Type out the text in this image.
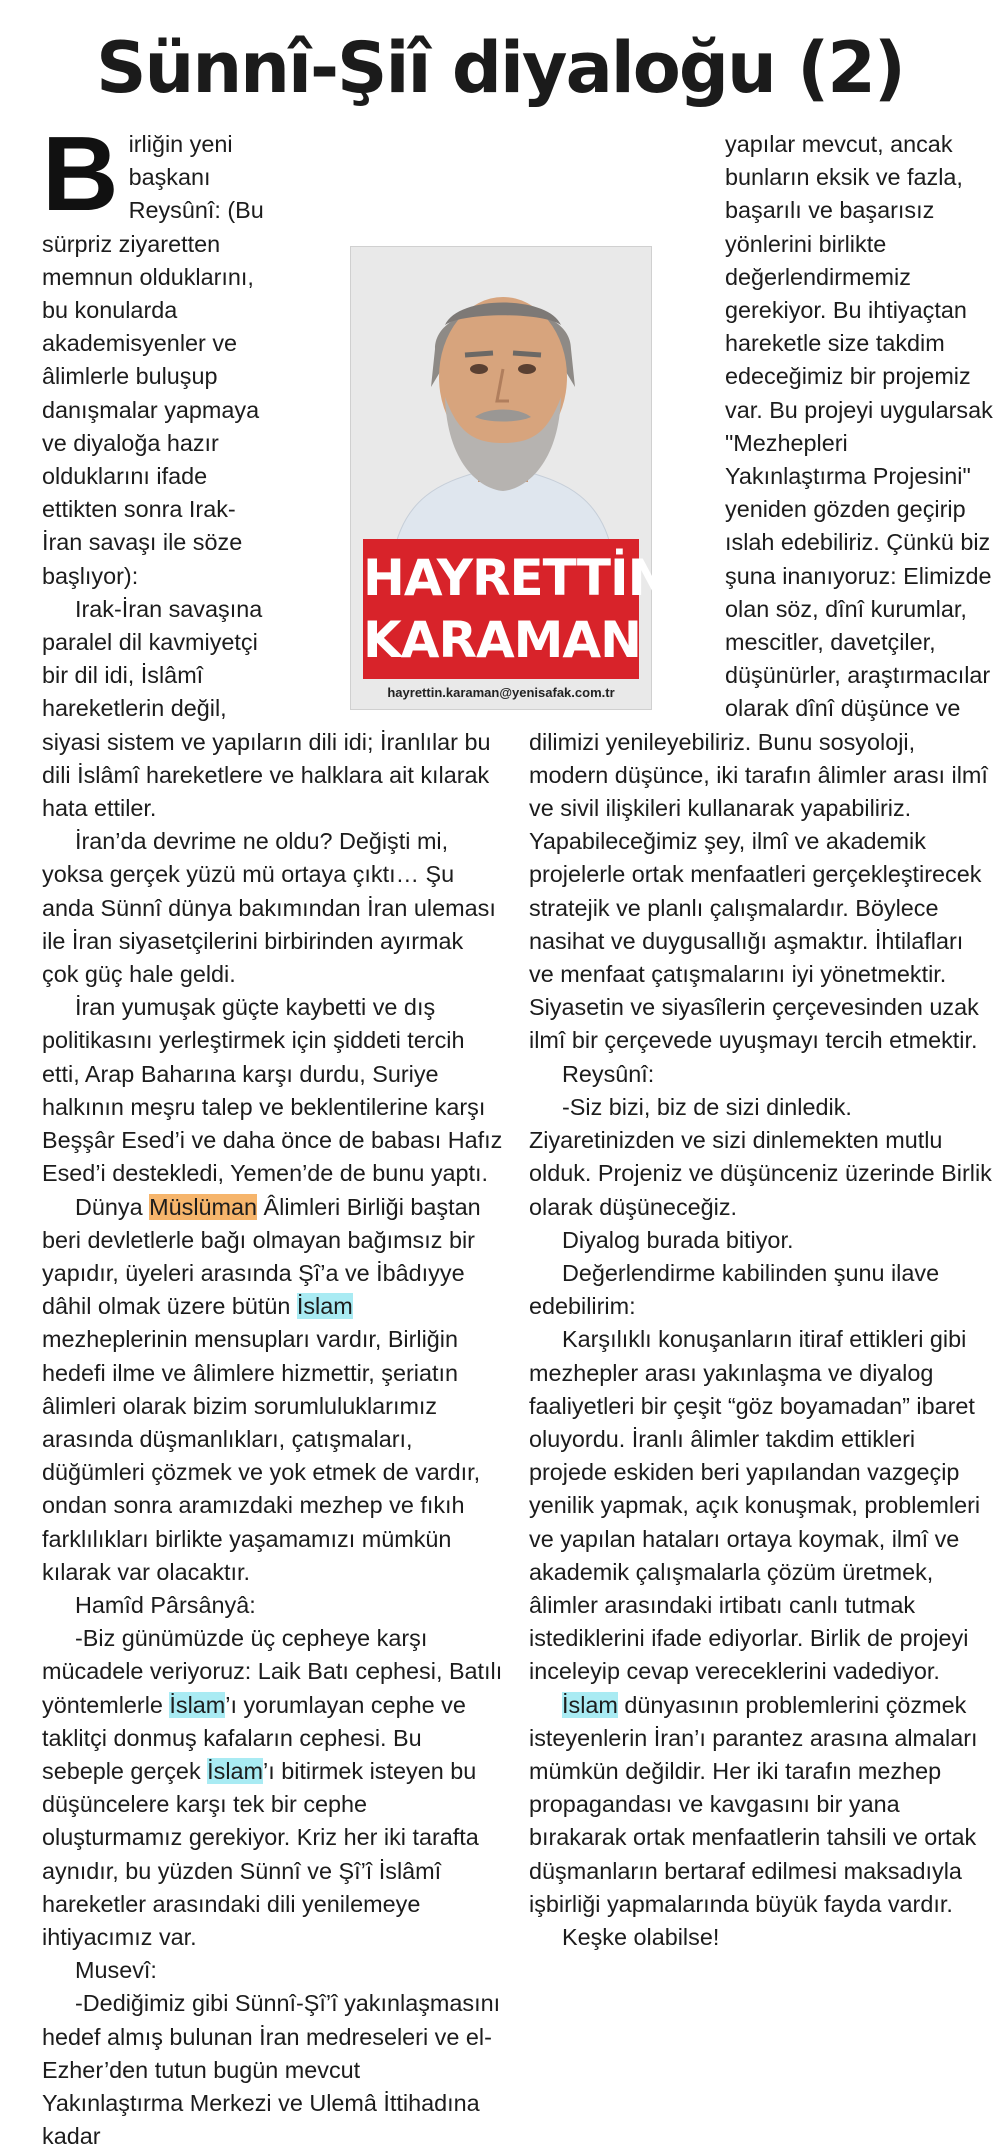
Sünnî-Şiî diyaloğu (2)
HAYRETTİN
KARAMAN
hayrettin.karaman@yenisafak.com.tr
B irliğin yeni başkanı Reysûnî: (Bu sürpriz ziyaretten memnun olduklarını, bu konularda akademisyenler ve âlimlerle buluşup danışmalar yapmaya ve diyaloğa hazır olduklarını ifade ettikten sonra Irak-İran savaşı ile söze başlıyor):

Irak-İran savaşına paralel dil kavmiyetçi bir dil idi, İslâmî hareketlerin değil, siyasi sistem ve yapıların dili idi; İranlılar bu dili İslâmî hareketlere ve halklara ait kılarak hata ettiler.

İran’da devrime ne oldu? Değişti mi, yoksa gerçek yüzü mü ortaya çıktı… Şu anda Sünnî dünya bakımından İran uleması ile İran siyasetçilerini birbirinden ayırmak çok güç hale geldi.

İran yumuşak güçte kaybetti ve dış politikasını yerleştirmek için şiddeti tercih etti, Arap Baharına karşı durdu, Suriye halkının meşru talep ve beklentilerine karşı Beşşâr Esed’i ve daha önce de babası Hafız Esed’i destekledi, Yemen’de de bunu yaptı.

Dünya Müslüman Âlimleri Birliği baştan beri devletlerle bağı olmayan bağımsız bir yapıdır, üyeleri arasında Şî’a ve İbâdıyye dâhil olmak üzere bütün İslam mezheplerinin mensupları vardır, Birliğin hedefi ilme ve âlimlere hizmettir, şeriatın âlimleri olarak bizim sorumluluklarımız arasında düşmanlıkları, çatışmaları, düğümleri çözmek ve yok etmek de vardır, ondan sonra aramızdaki mezhep ve fıkıh farklılıkları birlikte yaşamamızı mümkün kılarak var olacaktır.

Hamîd Pârsânyâ:

-Biz günümüzde üç cepheye karşı mücadele veriyoruz: Laik Batı cephesi, Batılı yöntemlerle İslam’ı yorumlayan cephe ve taklitçi donmuş kafaların cephesi. Bu sebeple gerçek İslam’ı bitirmek isteyen bu düşüncelere karşı tek bir cephe oluşturmamız gerekiyor. Kriz her iki tarafta aynıdır, bu yüzden Sünnî ve Şî’î İslâmî hareketler arasındaki dili yenilemeye ihtiyacımız var.

Musevî:

-Dediğimiz gibi Sünnî-Şî’î yakınlaşmasını hedef almış bulunan İran medreseleri ve el-Ezher’den tutun bugün mevcut Yakınlaştırma Merkezi ve Ulemâ İttihadına kadar

yapılar mevcut, ancak bunların eksik ve fazla, başarılı ve başarısız yönlerini birlikte değerlendirmemiz gerekiyor. Bu ihtiyaçtan hareketle size takdim edeceğimiz bir projemiz var. Bu projeyi uygularsak "Mezhepleri Yakınlaştırma Projesini" yeniden gözden geçirip ıslah edebiliriz. Çünkü biz şuna inanıyoruz: Elimizde olan söz, dînî kurumlar, mescitler, davetçiler, düşünürler, araştırmacılar olarak dînî düşünce ve dilimizi yenileyebiliriz. Bunu sosyoloji, modern düşünce, iki tarafın âlimler arası ilmî ve sivil ilişkileri kullanarak yapabiliriz. Yapabileceğimiz şey, ilmî ve akademik projelerle ortak menfaatleri gerçekleştirecek stratejik ve planlı çalışmalardır. Böylece nasihat ve duygusallığı aşmaktır. İhtilafları ve menfaat çatışmalarını iyi yönetmektir. Siyasetin ve siyasîlerin çerçevesinden uzak ilmî bir çerçevede uyuşmayı tercih etmektir.

Reysûnî:

-Siz bizi, biz de sizi dinledik. Ziyaretinizden ve sizi dinlemekten mutlu olduk. Projeniz ve düşünceniz üzerinde Birlik olarak düşüneceğiz.

Diyalog burada bitiyor.

Değerlendirme kabilinden şunu ilave edebilirim:

Karşılıklı konuşanların itiraf ettikleri gibi mezhepler arası yakınlaşma ve diyalog faaliyetleri bir çeşit “göz boyamadan” ibaret oluyordu. İranlı âlimler takdim ettikleri projede eskiden beri yapılandan vazgeçip yenilik yapmak, açık konuşmak, problemleri ve yapılan hataları ortaya koymak, ilmî ve akademik çalışmalarla çözüm üretmek, âlimler arasındaki irtibatı canlı tutmak istediklerini ifade ediyorlar. Birlik de projeyi inceleyip cevap vereceklerini vadediyor.

İslam dünyasının problemlerini çözmek isteyenlerin İran’ı parantez arasına almaları mümkün değildir. Her iki tarafın mezhep propagandası ve kavgasını bir yana bırakarak ortak menfaatlerin tahsili ve ortak düşmanların bertaraf edilmesi maksadıyla işbirliği yapmalarında büyük fayda vardır.

Keşke olabilse!
